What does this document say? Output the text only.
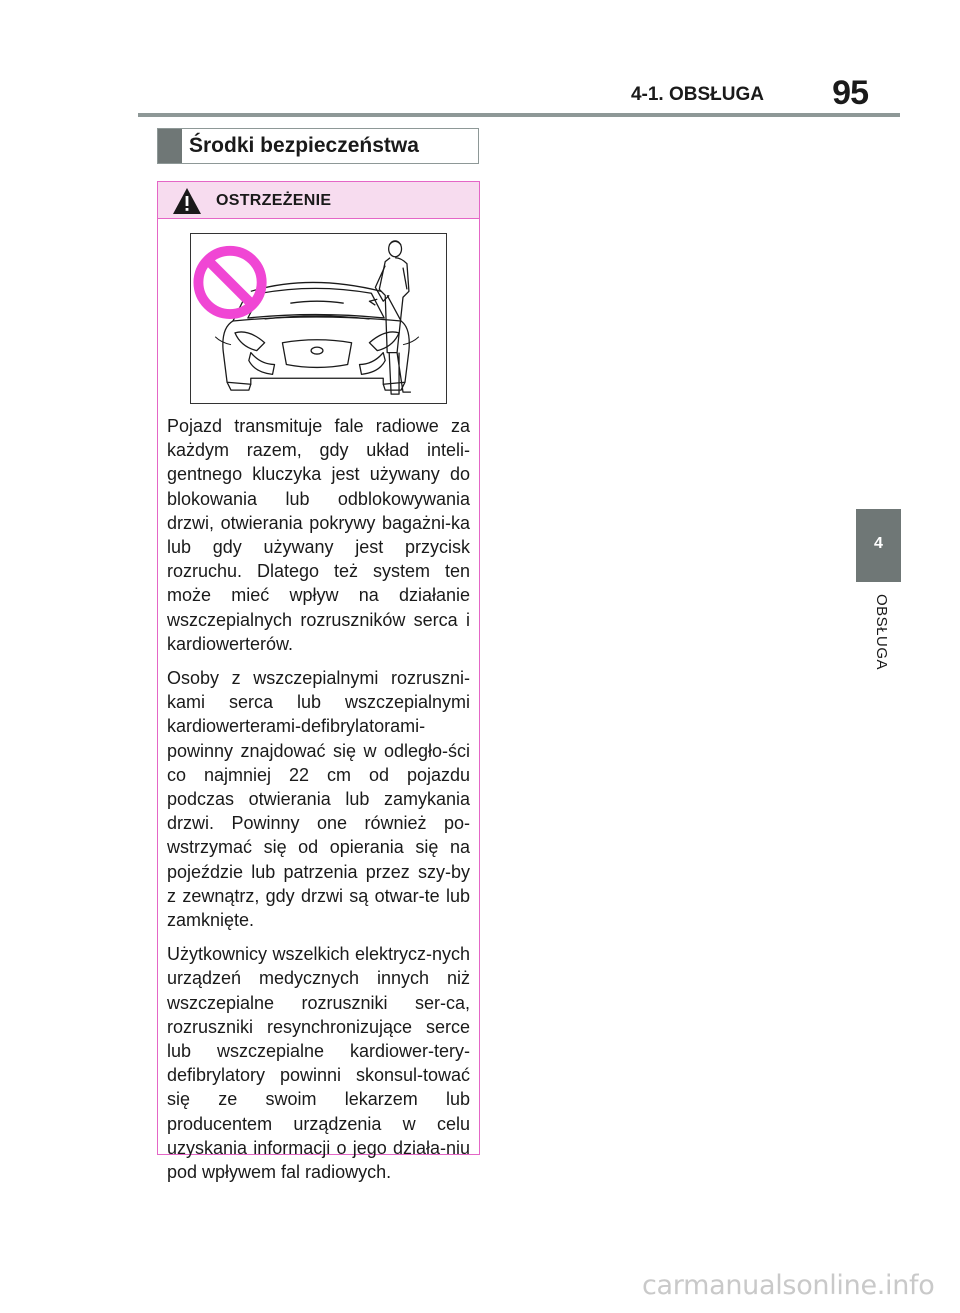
4-1. OBSŁUGA	95
Środki bezpieczeństwa
OSTRZEŻENIE

Pojazd transmituje fale radiowe za każdym razem, gdy układ inteli-gentnego kluczyka jest używany do blokowania lub odblokowywania drzwi, otwierania pokrywy bagażni-ka lub gdy używany jest przycisk rozruchu. Dlatego też system ten może mieć wpływ na działanie wszczepialnych rozruszników serca i kardiowerterów.

Osoby z wszczepialnymi rozruszni-kami serca lub wszczepialnymi kardiowerterami-defibrylatorami-powinny znajdować się w odległo-ści co najmniej 22 cm od pojazdu podczas otwierania lub zamykania drzwi. Powinny one również po-wstrzymać się od opierania się na pojeździe lub patrzenia przez szy-by z zewnątrz, gdy drzwi są otwar-te lub zamknięte.

Użytkownicy wszelkich elektrycz-nych urządzeń medycznych innych niż wszczepialne rozruszniki ser-ca, rozruszniki resynchronizujące serce lub wszczepialne kardiower-tery-defibrylatory powinni skonsul-tować się ze swoim lekarzem lub producentem urządzenia w celu uzyskania informacji o jego działa-niu pod wpływem fal radiowych.

4
OBSŁUGA
carmanualsonline.info
